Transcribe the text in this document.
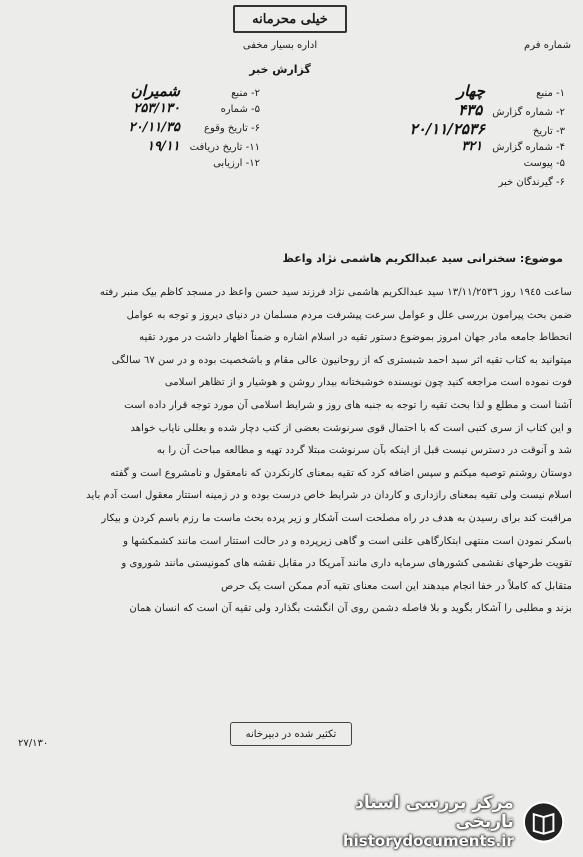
خیلی محرمانه
اداره بسیار مخفی
گزارش خبر
شماره فرم
١- منبع
چهار
٢- شماره گزارش
۴۳۵
٣- تاریخ
۲۰/۱۱/۲۵۳۶
۴- شماره گزارش
۳۲۱
۵- پیوست
۶- گیرندگان خبر
٢- منبع
شمیران
۵- شماره
۲۵۳/۱۳۰
۶- تاریخ وقوع
۲۰/۱۱/۳۵
١١- تاریخ دریافت
۱۹/۱۱
١٢- ارزیابی
موضوع: سخنرانی سید عبدالکریم هاشمی نژاد واعظ

ساعت ١٩٤٥ روز ١٣/١١/٢٥٣٦ سید عبدالکریم هاشمی نژاد فرزند سید حسن واعظ در مسجد کاظم بیک منبر رفته

ضمن بحث پیرامون بررسی علل و عوامل سرعت پیشرفت مردم مسلمان در دنیای دیروز و توجه به عوامل

انحطاط جامعه مادر جهان امروز بموضوع دستور تقیه در اسلام اشاره و ضمناً اظهار داشت در مورد تقیه

میتوانید به کتاب تقیه اثر سید احمد شبستری که از روحانیون عالی مقام و باشخصیت بوده و در سن ٦٧ سالگی

فوت نموده است مراجعه کنید چون نویسنده خوشبختانه بیدار روشن و هوشیار و از تظاهر اسلامی

آشنا است و مطلع و لذا بحث تقیه را توجه به جنبه های روز و شرایط اسلامی آن مورد توجه قرار داده است

و این کتاب از سری کتبی است که با احتمال قوی سرنوشت بعضی از کتب دچار شده و بعللی نایاب خواهد

شد و آنوقت در دسترس نیست قبل از اینکه بآن سرنوشت مبتلا گردد تهیه و مطالعه مباحث آن را به

دوستان روشنم توصیه میکنم و سپس اضافه کرد که تقیه بمعنای کارنکردن که نامعقول و نامشروع است و گفته

اسلام نیست ولی تقیه بمعنای رازداری و کاردان در شرایط خاص درست بوده و در زمینه استتار معقول است آدم باید

مراقبت کند برای رسیدن به هدف در راه مصلحت است آشکار و زیر پرده بحث ماست ما رزم باسم کردن و بیکار

باسکر نمودن است منتهی ابتکارگاهی علنی است و گاهی زیرپرده و در حالت استتار است مانند کشمکشها و

تقویت طرحهای نقشمی کشورهای سرمایه داری مانند آمریکا در مقابل نقشه های کمونیستی مانند شوروی و

متقابل که کاملاً در خفا انجام میدهند این است معنای تقیه آدم ممکن است یک حرص

بزند و مطلبی را آشکار بگوید و بلا فاصله دشمن روی آن انگشت بگذارد ولی تقیه آن است که انسان همان

تکثیر شده در دبیرخانه
٢٧/١٣٠
مرکز بررسی اسناد تاریخی
historydocuments.ir
